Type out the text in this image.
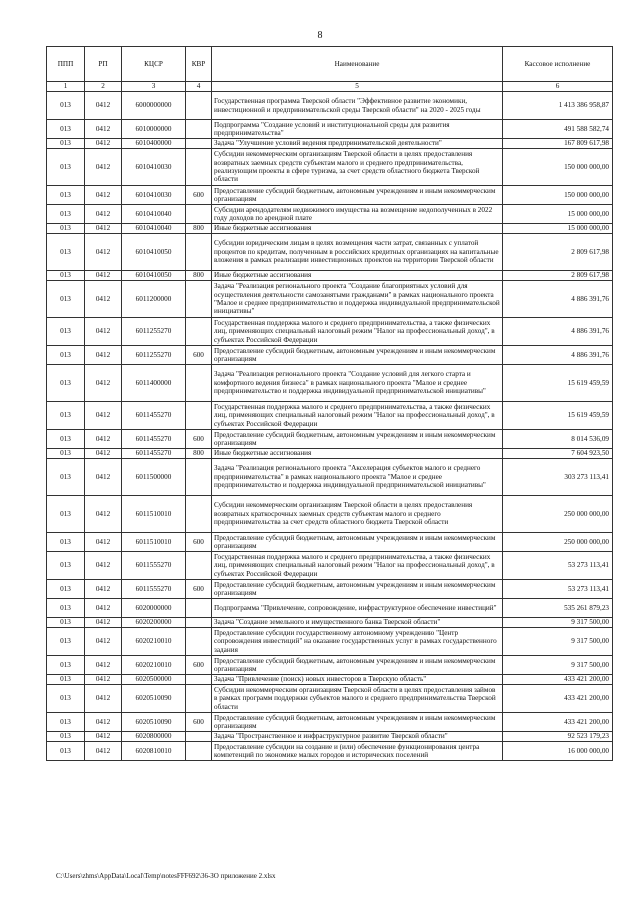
8
ППП	РП	КЦСР	КВР	Наименование	Кассовое исполнение
1	2	3	4	5	6
013	0412	6000000000		Государственная программа Тверской области "Эффективное развитие экономики, инвестиционной и предпринимательской среды Тверской области" на 2020 - 2025 годы	1 413 386 958,87
013	0412	6010000000		Подпрограмма "Создание условий и институциональной среды для развития предпринимательства"	491 588 582,74
013	0412	6010400000		Задача "Улучшение условий ведения предпринимательской деятельности"	167 809 617,98
013	0412	6010410030		Субсидии некоммерческим организациям Тверской области в целях предоставления возвратных заемных средств субъектам малого и среднего предпринимательства, реализующим проекты в сфере туризма, за счет средств областного бюджета Тверской области	150 000 000,00
013	0412	6010410030	600	Предоставление субсидий бюджетным, автономным учреждениям и иным некоммерческим организациям	150 000 000,00
013	0412	6010410040		Субсидии арендодателям недвижимого имущества на возмещение недополученных в 2022 году доходов по арендной плате	15 000 000,00
013	0412	6010410040	800	Иные бюджетные ассигнования	15 000 000,00
013	0412	6010410050		Субсидии юридическим лицам в целях возмещения части затрат, связанных с уплатой процентов по кредитам, полученным в российских кредитных организациях на капитальные вложения в рамках реализации инвестиционных проектов на территории Тверской области	2 809 617,98
013	0412	6010410050	800	Иные бюджетные ассигнования	2 809 617,98
013	0412	6011200000		Задача "Реализация регионального проекта "Создание благоприятных условий для осуществления деятельности самозанятыми гражданами" в рамках национального проекта "Малое и среднее предпринимательство и поддержка индивидуальной предпринимательской инициативы"	4 886 391,76
013	0412	6011255270		Государственная поддержка малого и среднего предпринимательства, а также физических лиц, применяющих специальный налоговый режим "Налог на профессиональный доход", в субъектах Российской Федерации	4 886 391,76
013	0412	6011255270	600	Предоставление субсидий бюджетным, автономным учреждениям и иным некоммерческим организациям	4 886 391,76
013	0412	6011400000		Задача "Реализация регионального проекта "Создание условий для легкого старта и комфортного ведения бизнеса" в рамках национального проекта "Малое и среднее предпринимательство и поддержка индивидуальной предпринимательской инициативы"	15 619 459,59
013	0412	6011455270		Государственная поддержка малого и среднего предпринимательства, а также физических лиц, применяющих специальный налоговый режим "Налог на профессиональный доход", в субъектах Российской Федерации	15 619 459,59
013	0412	6011455270	600	Предоставление субсидий бюджетным, автономным учреждениям и иным некоммерческим организациям	8 014 536,09
013	0412	6011455270	800	Иные бюджетные ассигнования	7 604 923,50
013	0412	6011500000		Задача "Реализация регионального проекта "Акселерация субъектов малого и среднего предпринимательства" в рамках национального проекта "Малое и среднее предпринимательство и поддержка индивидуальной предпринимательской инициативы"	303 273 113,41
013	0412	6011510010		Субсидии некоммерческим организациям Тверской области в целях предоставления возвратных краткосрочных заемных средств субъектам малого и среднего предпринимательства за счет средств областного бюджета Тверской области	250 000 000,00
013	0412	6011510010	600	Предоставление субсидий бюджетным, автономным учреждениям и иным некоммерческим организациям	250 000 000,00
013	0412	6011555270		Государственная поддержка малого и среднего предпринимательства, а также физических лиц, применяющих специальный налоговый режим "Налог на профессиональный доход", в субъектах Российской Федерации	53 273 113,41
013	0412	6011555270	600	Предоставление субсидий бюджетным, автономным учреждениям и иным некоммерческим организациям	53 273 113,41
013	0412	6020000000		Подпрограмма "Привлечение, сопровождение, инфраструктурное обеспечение инвестиций"	535 261 879,23
013	0412	6020200000		Задача "Создание земельного и имущественного банка Тверской области"	9 317 500,00
013	0412	6020210010		Предоставление субсидии государственному автономному учреждению "Центр сопровождения инвестиций" на оказание государственных услуг в рамках государственного задания	9 317 500,00
013	0412	6020210010	600	Предоставление субсидий бюджетным, автономным учреждениям и иным некоммерческим организациям	9 317 500,00
013	0412	6020500000		Задача "Привлечение (поиск) новых инвесторов в Тверскую область"	433 421 200,00
013	0412	6020510090		Субсидии некоммерческим организациям Тверской области в целях предоставления займов в рамках программ поддержки субъектов малого и среднего предпринимательства Тверской области	433 421 200,00
013	0412	6020510090	600	Предоставление субсидий бюджетным, автономным учреждениям и иным некоммерческим организациям	433 421 200,00
013	0412	6020800000		Задача "Пространственное и инфраструктурное развитие Тверской области"	92 523 179,23
013	0412	6020810010		Предоставление субсидии на создание и (или) обеспечение функционирования центра компетенций по экономике малых городов и исторических поселений	16 000 000,00
C:\Users\zhms\AppData\Local\Temp\notesFFF692\36-ЗО приложение 2.xlsx
